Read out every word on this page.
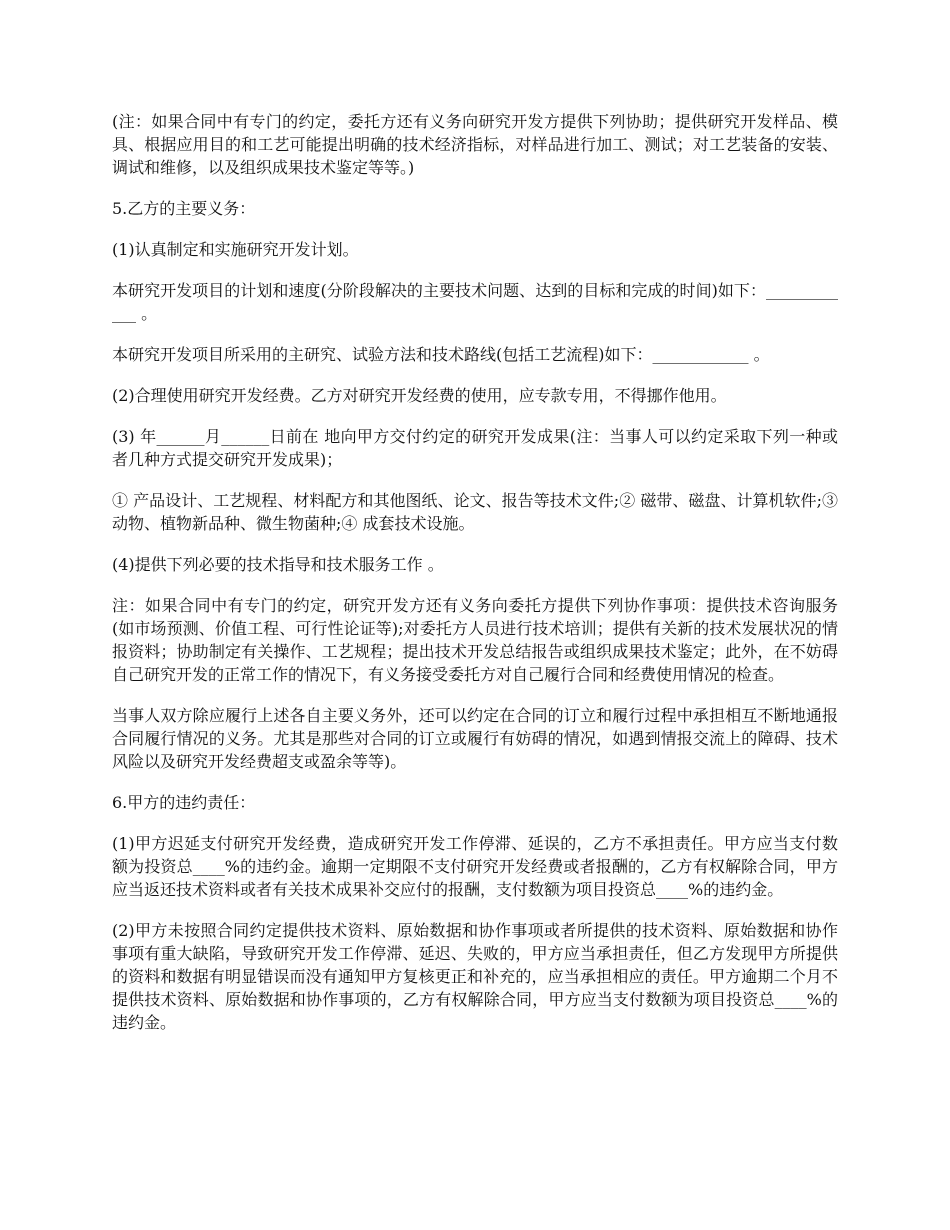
(注：如果合同中有专门的约定，委托方还有义务向研究开发方提供下列协助；提供研究开发样品、模具、根据应用目的和工艺可能提出明确的技术经济指标，对样品进行加工、测试；对工艺装备的安装、调试和维修，以及组织成果技术鉴定等等。)

5.乙方的主要义务：

(1)认真制定和实施研究开发计划。

本研究开发项目的计划和速度(分阶段解决的主要技术问题、达到的目标和完成的时间)如下：____________ 。

本研究开发项目所采用的主研究、试验方法和技术路线(包括工艺流程)如下：____________ 。

(2)合理使用研究开发经费。乙方对研究开发经费的使用，应专款专用，不得挪作他用。

(3) 年______月______日前在 地向甲方交付约定的研究开发成果(注：当事人可以约定采取下列一种或者几种方式提交研究开发成果)；

① 产品设计、工艺规程、材料配方和其他图纸、论文、报告等技术文件;② 磁带、磁盘、计算机软件;③ 动物、植物新品种、微生物菌种;④ 成套技术设施。

(4)提供下列必要的技术指导和技术服务工作 。

注：如果合同中有专门的约定，研究开发方还有义务向委托方提供下列协作事项：提供技术咨询服务(如市场预测、价值工程、可行性论证等);对委托方人员进行技术培训；提供有关新的技术发展状况的情报资料；协助制定有关操作、工艺规程；提出技术开发总结报告或组织成果技术鉴定；此外，在不妨碍自己研究开发的正常工作的情况下，有义务接受委托方对自己履行合同和经费使用情况的检查。

当事人双方除应履行上述各自主要义务外，还可以约定在合同的订立和履行过程中承担相互不断地通报合同履行情况的义务。尤其是那些对合同的订立或履行有妨碍的情况，如遇到情报交流上的障碍、技术风险以及研究开发经费超支或盈余等等)。

6.甲方的违约责任：

(1)甲方迟延支付研究开发经费，造成研究开发工作停滞、延误的，乙方不承担责任。甲方应当支付数额为投资总____%的违约金。逾期一定期限不支付研究开发经费或者报酬的，乙方有权解除合同，甲方应当返还技术资料或者有关技术成果补交应付的报酬，支付数额为项目投资总____%的违约金。

(2)甲方未按照合同约定提供技术资料、原始数据和协作事项或者所提供的技术资料、原始数据和协作事项有重大缺陷，导致研究开发工作停滞、延迟、失败的，甲方应当承担责任，但乙方发现甲方所提供的资料和数据有明显错误而没有通知甲方复核更正和补充的，应当承担相应的责任。甲方逾期二个月不提供技术资料、原始数据和协作事项的，乙方有权解除合同，甲方应当支付数额为项目投资总____%的违约金。
